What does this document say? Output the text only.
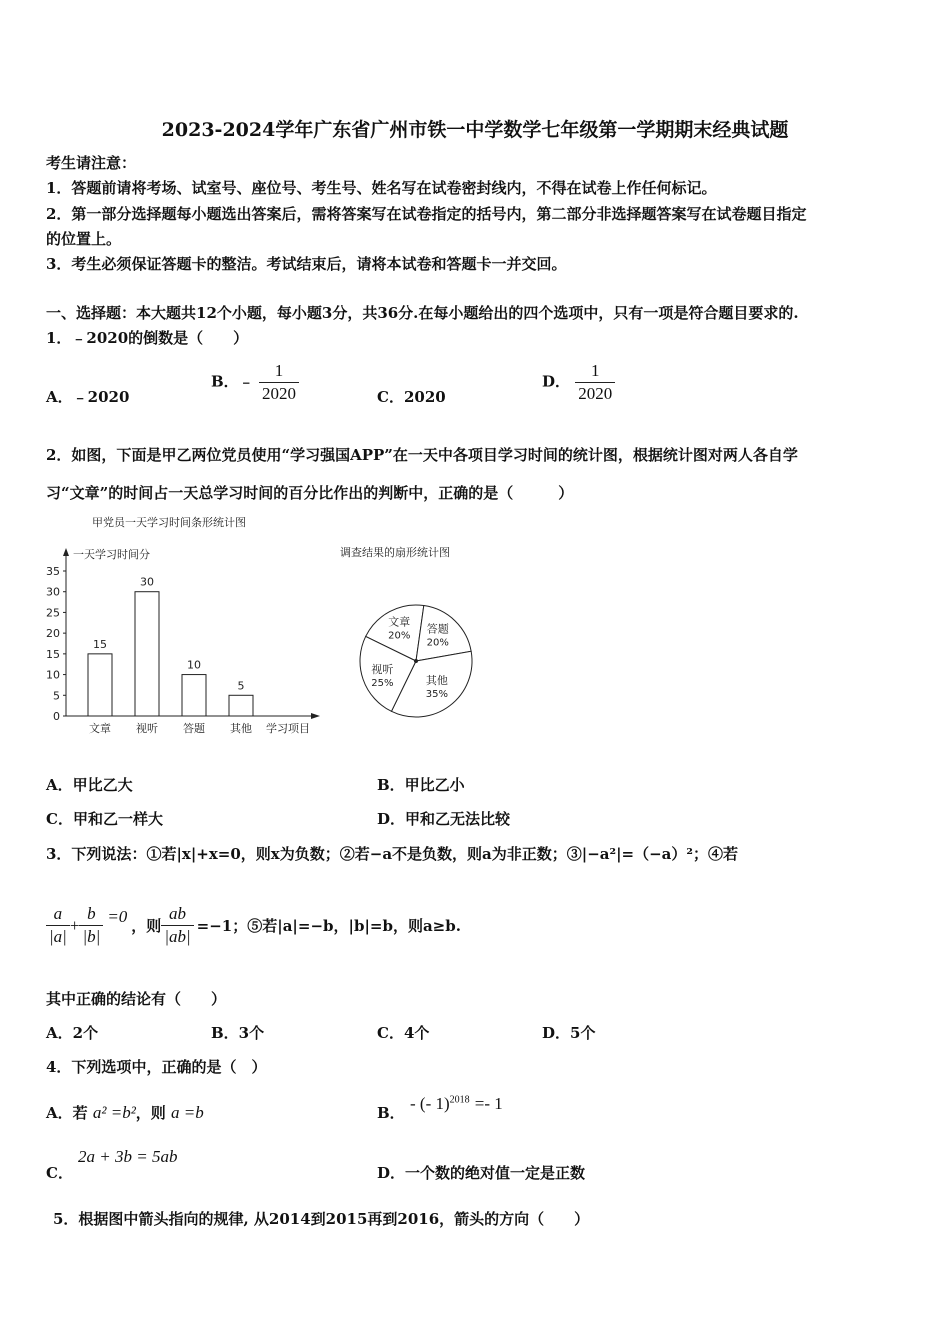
2023-2024学年广东省广州市铁一中学数学七年级第一学期期末经典试题
考生请注意：
1．答题前请将考场、试室号、座位号、考生号、姓名写在试卷密封线内，不得在试卷上作任何标记。
2．第一部分选择题每小题选出答案后，需将答案写在试卷指定的括号内，第二部分非选择题答案写在试卷题目指定
的位置上。
3．考生必须保证答题卡的整洁。考试结束后，请将本试卷和答题卡一并交回。
一、选择题：本大题共12个小题，每小题3分，共36分.在每小题给出的四个选项中，只有一项是符合题目要求的.
1．﹣2020的倒数是（　　）
A．﹣2020
B．﹣ $\frac{1}{2020}$	C．2020
D． $\frac{1}{2020}$
2．如图，下面是甲乙两位党员使用“学习强国APP”在一天中各项目学习时间的统计图，根据统计图对两人各自学
习“文章”的时间占一天总学习时间的百分比作出的判断中，正确的是（　　　）
甲党员一天学习时间条形统计图
一天学习时间分
学习项目
0
5
10
15
20
25
30
35
15
文章
30
视听
10
答题
5
其他
调查结果的扇形统计图
文章
20%
答题
20%
其他
35%
视听
25%
A．甲比乙大	B．甲比乙小
C．甲和乙一样大	D．甲和乙无法比较
3．下列说法：①若|x|+x=0，则x为负数；②若−a不是负数，则a为非正数；③|−a²|=（−a）²；④若
$\frac{a}{|a|} + \frac{b}{|b|} =0$
，则 $\frac{ab}{|ab|} =-1$；⑤若|a|=−b，|b|=b，则a≥b.
其中正确的结论有（　　）
A．2个	B．3个	C．4个	D．5个
4．下列选项中，正确的是（　）
A．若 a² =b²，则 a =b	B． - (- 1)$^{2018}$ =- 1
C．
2a + 3b = 5ab
D．一个数的绝对值一定是正数
5．根据图中箭头指向的规律, 从2014到2015再到2016，箭头的方向（　　）
